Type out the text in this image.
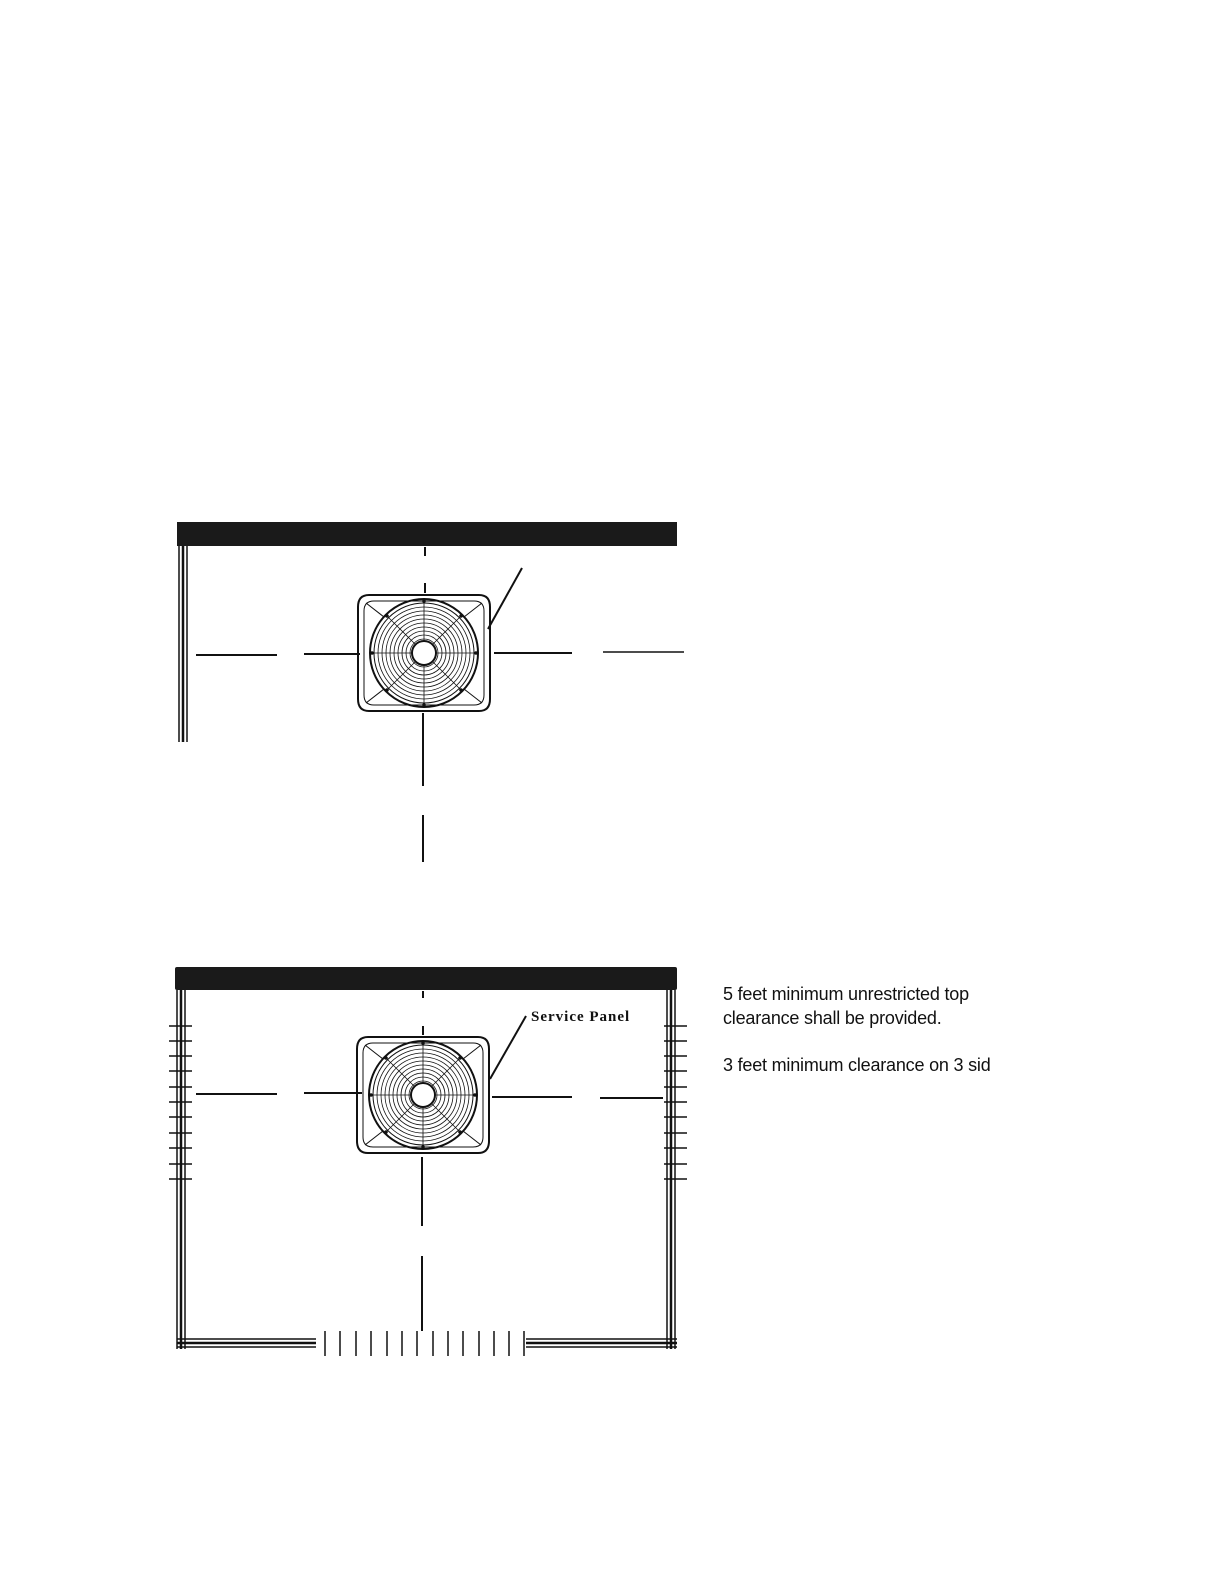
Service Panel

5 feet minimum unrestricted top clearance shall be provided.

3 feet minimum clearance on 3 sid
